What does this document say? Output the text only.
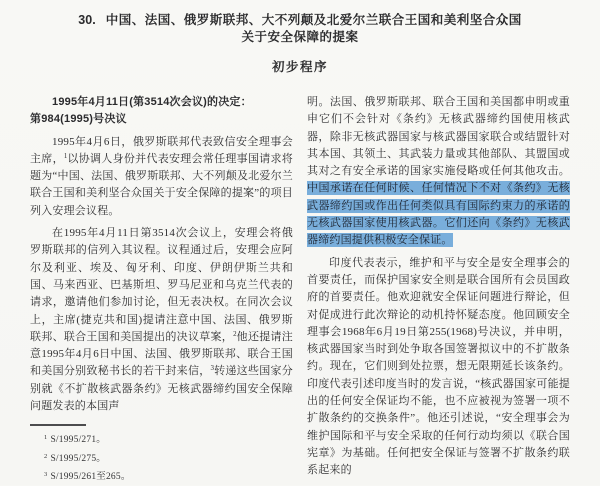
30. 中国、法国、俄罗斯联邦、大不列颠及北爱尔兰联合王国和美利坚合众国
关于安全保障的提案
初步程序
1995年4月11日(第3514次会议)的决定：
第984(1995)号决议

1995年4月6日，俄罗斯联邦代表致信安全理事会主席，$^1$以协调人身份并代表安理会常任理事国请求将题为“中国、法国、俄罗斯联邦、大不列颠及北爱尔兰联合王国和美利坚合众国关于安全保障的提案”的项目列入安理会议程。

在1995年4月11日第3514次会议上，安理会将俄罗斯联邦的信列入其议程。议程通过后，安理会应阿尔及利亚、埃及、匈牙利、印度、伊朗伊斯兰共和国、马来西亚、巴基斯坦、罗马尼亚和乌克兰代表的请求，邀请他们参加讨论，但无表决权。在同次会议上，主席(捷克共和国)提请注意中国、法国、俄罗斯联邦、联合王国和美国提出的决议草案，$^2$他还提请注意1995年4月6日中国、法国、俄罗斯联邦、联合王国和美国分别致秘书长的若干封来信，$^3$转递这些国家分别就《不扩散核武器条约》无核武器缔约国安全保障问题发表的本国声

$^1$ S/1995/271。
$^2$ S/1995/275。
$^3$ S/1995/261至265。

明。法国、俄罗斯联邦、联合王国和美国都申明或重申它们不会针对《条约》无核武器缔约国使用核武器，除非无核武器国家与核武器国家联合或结盟针对其本国、其领土、其武装力量或其他部队、其盟国或其对之有安全承诺的国家实施侵略或任何其他攻击。中国承诺在任何时候、任何情况下不对《条约》无核武器缔约国或作出任何类似具有国际约束力的承诺的无核武器国家使用核武器。它们还向《条约》无核武器缔约国提供积极安全保证。

印度代表表示，维护和平与安全是安全理事会的首要责任，而保护国家安全则是联合国所有会员国政府的首要责任。他欢迎就安全保证问题进行辩论，但对促成进行此次辩论的动机持怀疑态度。他回顾安全理事会1968年6月19日第255(1968)号决议，并申明，核武器国家当时到处争取各国签署拟议中的不扩散条约。现在，它们则到处拉票，想无限期延长该条约。印度代表引述印度当时的发言说，“核武器国家可能提出的任何安全保证均不能，也不应被视为签署一项不扩散条约的交换条件”。他还引述说，“安全理事会为维护国际和平与安全采取的任何行动均须以《联合国宪章》为基础。任何把安全保证与签署不扩散条约联系起来的
